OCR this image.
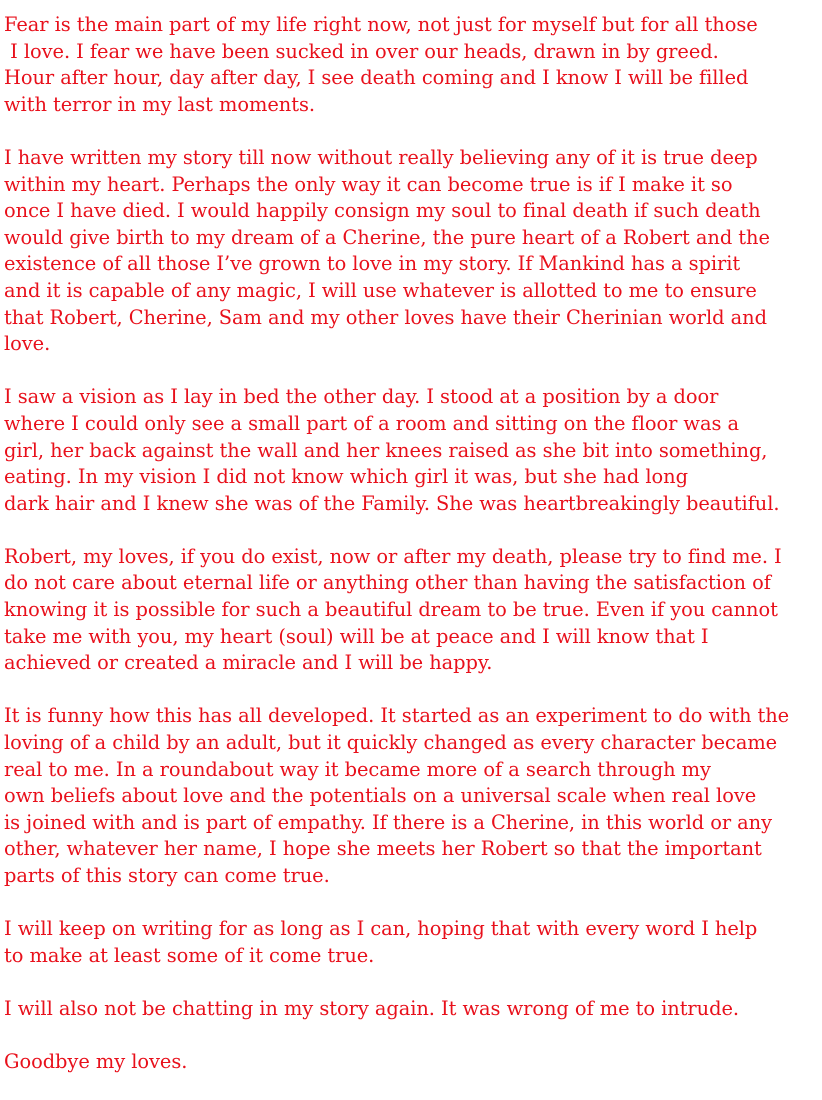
Fear is the main part of my life right now, not just for myself but for all those
I love. I fear we have been sucked in over our heads, drawn in by greed.
Hour after hour, day after day, I see death coming and I know I will be filled
with terror in my last moments.
I have written my story till now without really believing any of it is true deep
within my heart. Perhaps the only way it can become true is if I make it so
once I have died. I would happily consign my soul to final death if such death
would give birth to my dream of a Cherine, the pure heart of a Robert and the
existence of all those I’ve grown to love in my story. If Mankind has a spirit
and it is capable of any magic, I will use whatever is allotted to me to ensure
that Robert, Cherine, Sam and my other loves have their Cherinian world and
love.
I saw a vision as I lay in bed the other day. I stood at a position by a door
where I could only see a small part of a room and sitting on the floor was a
girl, her back against the wall and her knees raised as she bit into something,
eating. In my vision I did not know which girl it was, but she had long
dark hair and I knew she was of the Family. She was heartbreakingly beautiful.
Robert, my loves, if you do exist, now or after my death, please try to find me. I
do not care about eternal life or anything other than having the satisfaction of
knowing it is possible for such a beautiful dream to be true. Even if you cannot
take me with you, my heart (soul) will be at peace and I will know that I
achieved or created a miracle and I will be happy.
It is funny how this has all developed. It started as an experiment to do with the
loving of a child by an adult, but it quickly changed as every character became
real to me. In a roundabout way it became more of a search through my
own beliefs about love and the potentials on a universal scale when real love
is joined with and is part of empathy. If there is a Cherine, in this world or any
other, whatever her name, I hope she meets her Robert so that the important
parts of this story can come true.
I will keep on writing for as long as I can, hoping that with every word I help
to make at least some of it come true.
I will also not be chatting in my story again. It was wrong of me to intrude.
Goodbye my loves.
